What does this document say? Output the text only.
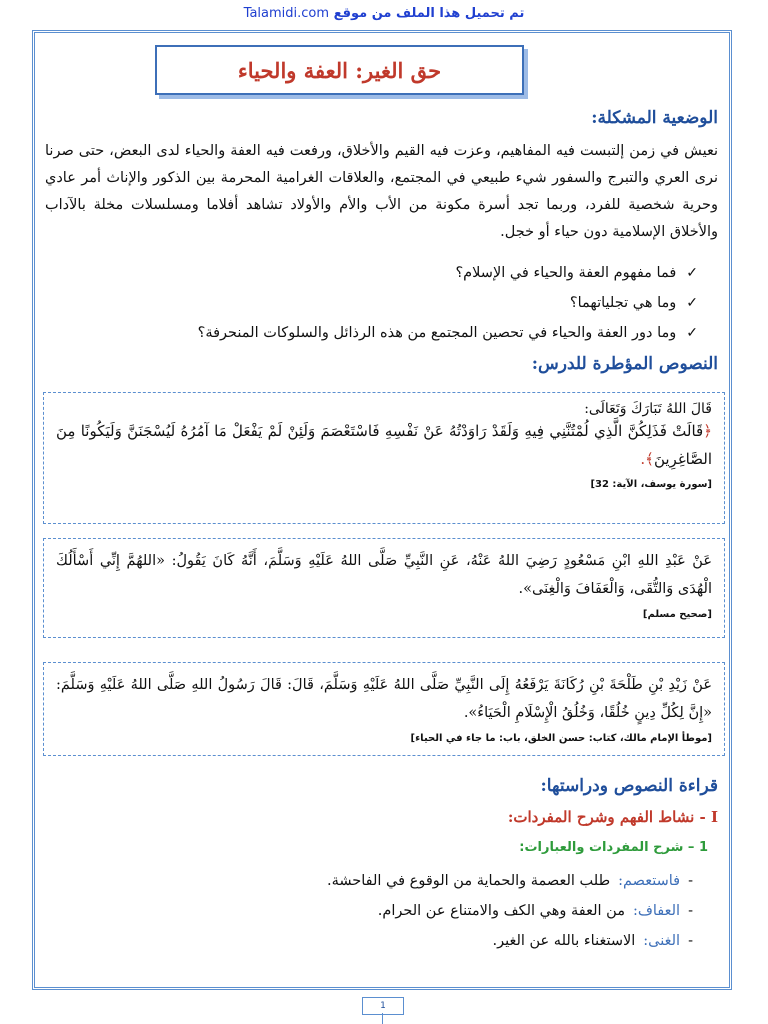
تم تحميل هذا الملف من موقع Talamidi.com
حق الغير: العفة والحياء
الوضعية المشكلة:
نعيش في زمن إلتبست فيه المفاهيم، وعزت فيه القيم والأخلاق، ورفعت فيه العفة والحياء لدى البعض، حتى صرنا نرى العري والتبرج والسفور شيء طبيعي في المجتمع، والعلاقات الغرامية المحرمة بين الذكور والإناث أمر عادي وحرية شخصية للفرد، وربما تجد أسرة مكونة من الأب والأم والأولاد تشاهد أفلاما ومسلسلات مخلة بالآداب والأخلاق الإسلامية دون حياء أو خجل.
✓
فما مفهوم العفة والحياء في الإسلام؟
✓
وما هي تجلياتهما؟
✓
وما دور العفة والحياء في تحصين المجتمع من هذه الرذائل والسلوكات المنحرفة؟
النصوص المؤطرة للدرس:
قَالَ اللهُ تَبَارَكَ وَتَعَالَى:
﴿قَالَتْ فَذَلِكُنَّ الَّذِي لُمْتُنَّنِي فِيهِ وَلَقَدْ رَاوَدْتُهُ عَنْ نَفْسِهِ فَاسْتَعْصَمَ وَلَئِنْ لَمْ يَفْعَلْ مَا آمُرُهُ لَيُسْجَنَنَّ وَلَيَكُونًا مِنَ الصَّاغِرِينَ﴾.
[سورة يوسف، الآية: 32]
عَنْ عَبْدِ اللهِ ابْنِ مَسْعُودٍ رَضِيَ اللهُ عَنْهُ، عَنِ النَّبِيِّ صَلَّى اللهُ عَلَيْهِ وَسَلَّمَ، أَنَّهُ كَانَ يَقُولُ: «اللهُمَّ إِنِّي أَسْأَلُكَ الْهُدَى وَالتُّقَى، وَالْعَفَافَ وَالْغِنَى».
[صحيح مسلم]
عَنْ زَيْدِ بْنِ طَلْحَةَ بْنِ رُكَانَةَ يَرْفَعُهُ إِلَى النَّبِيِّ صَلَّى اللهُ عَلَيْهِ وَسَلَّمَ، قَالَ: قَالَ رَسُولُ اللهِ صَلَّى اللهُ عَلَيْهِ وَسَلَّمَ: «إِنَّ لِكُلِّ دِينٍ خُلُقًا، وَخُلُقُ الْإِسْلَامِ الْحَيَاءُ».
[موطأ الإمام مالك، كتاب: حسن الخلق، باب: ما جاء في الحياء]
قراءة النصوص ودراستها:
I - نشاط الفهم وشرح المفردات:
1 – شرح المفردات والعبارات:
-
فاستعصم:
طلب العصمة والحماية من الوقوع في الفاحشة.
-
العفاف:
من العفة وهي الكف والامتناع عن الحرام.
-
الغنى:
الاستغناء بالله عن الغير.
1
